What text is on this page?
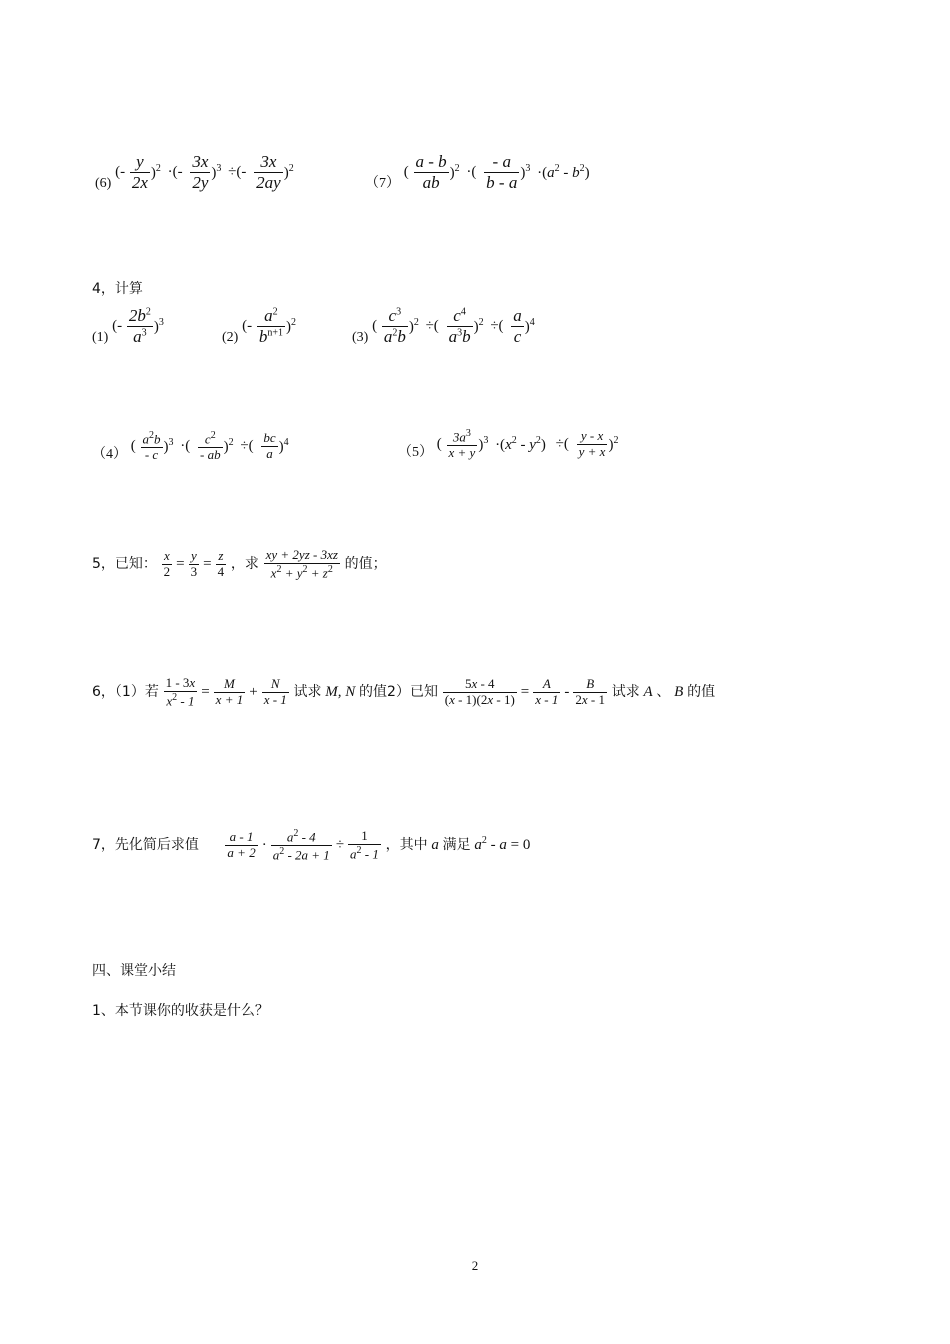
(6) (- $\frac{y}{2x} )^2$ ·(- $\frac{3x}{2y} )^3$ ÷(- $\frac{3x}{2ay} )^2$
（7） ( $\frac{a - b}{ab} )^2$ ·( $\frac{- a}{b - a} )^3 \cdot(a^2 - b^2)$
4，计算
(1) (- $\frac{2b^2}{a^3} )^3$
(2) (- $\frac{a^2}{b^{n+1}} )^2$
(3) ( $\frac{c^3}{a^2b} )^2$ ÷( $\frac{c^4}{a^3b} )^2$ ÷( $\frac{a}{c} )^4$
（4） ( $\frac{a^2b}{- c} )^3$ ·( $\frac{c^2}{- ab} )^2$ ÷( $\frac{bc}{a} )^4$
（5） ( $\frac{3a^3}{x + y} )^3 \cdot(x^2 - y^2)$ ÷( $\frac{y - x}{y + x} )^2$
5，已知： $\frac{x}{2} = \frac{y}{3} = \frac{z}{4}$ ，求 $\frac{xy + 2yz - 3xz}{x^2 + y^2 + z^2}$ 的值；
6，（1）若 $\frac{1 - 3x}{x^2 - 1} = \frac{M}{x + 1} + \frac{N}{x - 1}$ 试求 M, N 的值2）已知 $\frac{5x - 4}{(x - 1)(2x - 1)} = \frac{A}{x - 1} - \frac{B}{2x - 1}$ 试求 A 、 B 的值
7，先化简后求值 $\frac{a - 1}{a + 2} \cdot \frac{a^2 - 4}{a^2 - 2a + 1} \div \frac{1}{a^2 - 1}$ ，其中 a 满足 $a^2 - a = 0$
四、课堂小结
1、本节课你的收获是什么？
2
